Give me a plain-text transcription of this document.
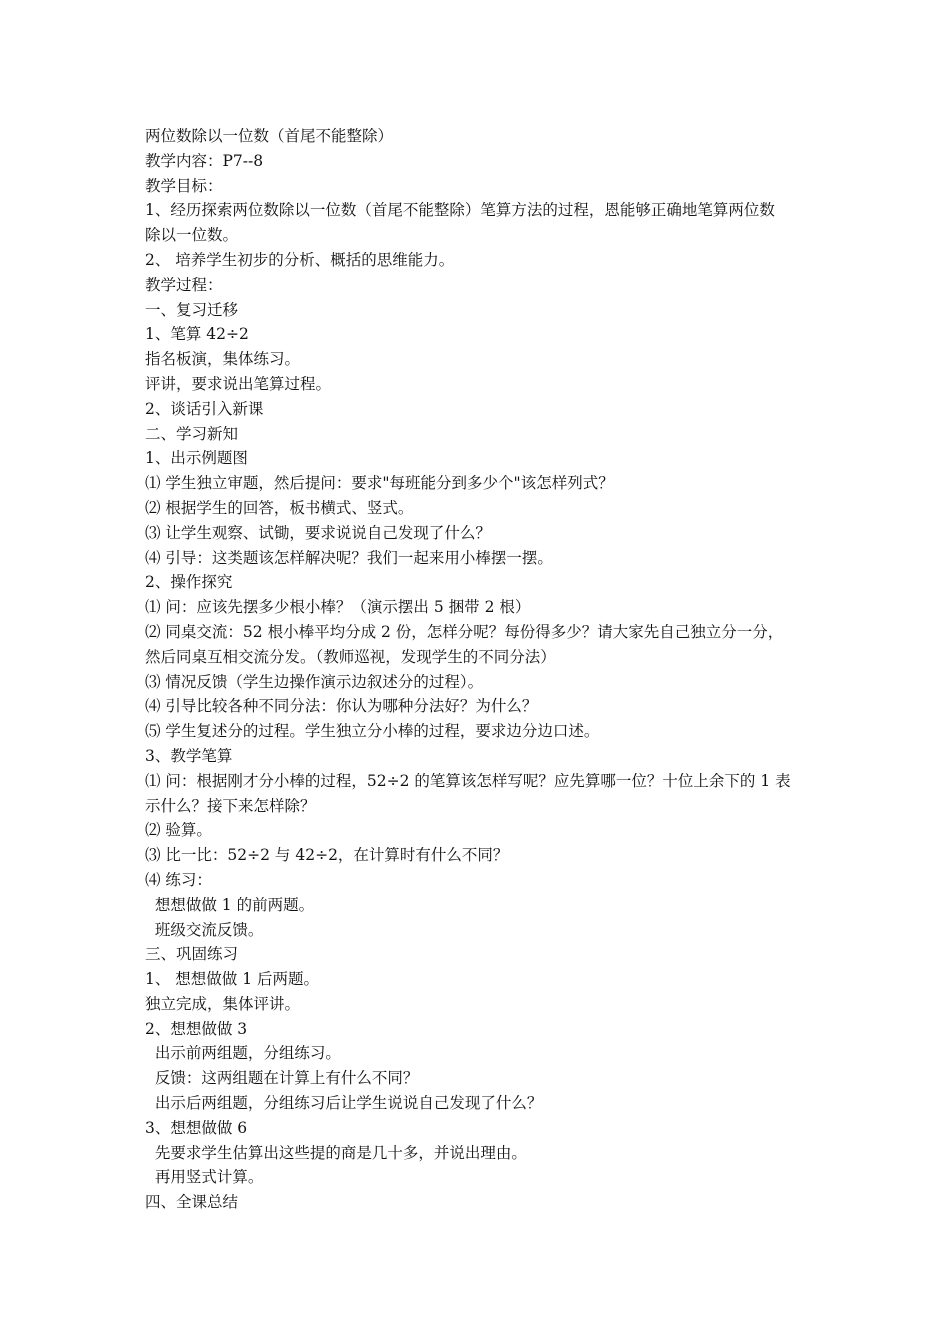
两位数除以一位数（首尾不能整除）
教学内容：P7--8
教学目标：
1、经历探索两位数除以一位数（首尾不能整除）笔算方法的过程，恩能够正确地笔算两位数
除以一位数。
2、 培养学生初步的分析、概括的思维能力。
教学过程：
一、复习迁移
1、笔算 42÷2
指名板演，集体练习。
评讲，要求说出笔算过程。
2、谈话引入新课
二、学习新知
1、出示例题图
⑴ 学生独立审题，然后提问：要求"每班能分到多少个"该怎样列式？
⑵ 根据学生的回答，板书横式、竖式。
⑶ 让学生观察、试锄，要求说说自己发现了什么？
⑷ 引导：这类题该怎样解决呢？我们一起来用小棒摆一摆。
2、操作探究
⑴ 问：应该先摆多少根小棒？（演示摆出 5 捆带 2 根）
⑵ 同桌交流：52 根小棒平均分成 2 份，怎样分呢？每份得多少？请大家先自己独立分一分，
然后同桌互相交流分发。（教师巡视，发现学生的不同分法）
⑶ 情况反馈（学生边操作演示边叙述分的过程）。
⑷ 引导比较各种不同分法：你认为哪种分法好？为什么？
⑸ 学生复述分的过程。学生独立分小棒的过程，要求边分边口述。
3、教学笔算
⑴ 问：根据刚才分小棒的过程，52÷2 的笔算该怎样写呢？应先算哪一位？十位上余下的 1 表
示什么？接下来怎样除？
⑵ 验算。
⑶ 比一比：52÷2 与 42÷2，在计算时有什么不同？
⑷ 练习：
想想做做 1 的前两题。
班级交流反馈。
三、巩固练习
1、 想想做做 1 后两题。
独立完成，集体评讲。
2、想想做做 3
出示前两组题，分组练习。
反馈：这两组题在计算上有什么不同？
出示后两组题，分组练习后让学生说说自己发现了什么？
3、想想做做 6
先要求学生估算出这些提的商是几十多，并说出理由。
再用竖式计算。
四、全课总结
